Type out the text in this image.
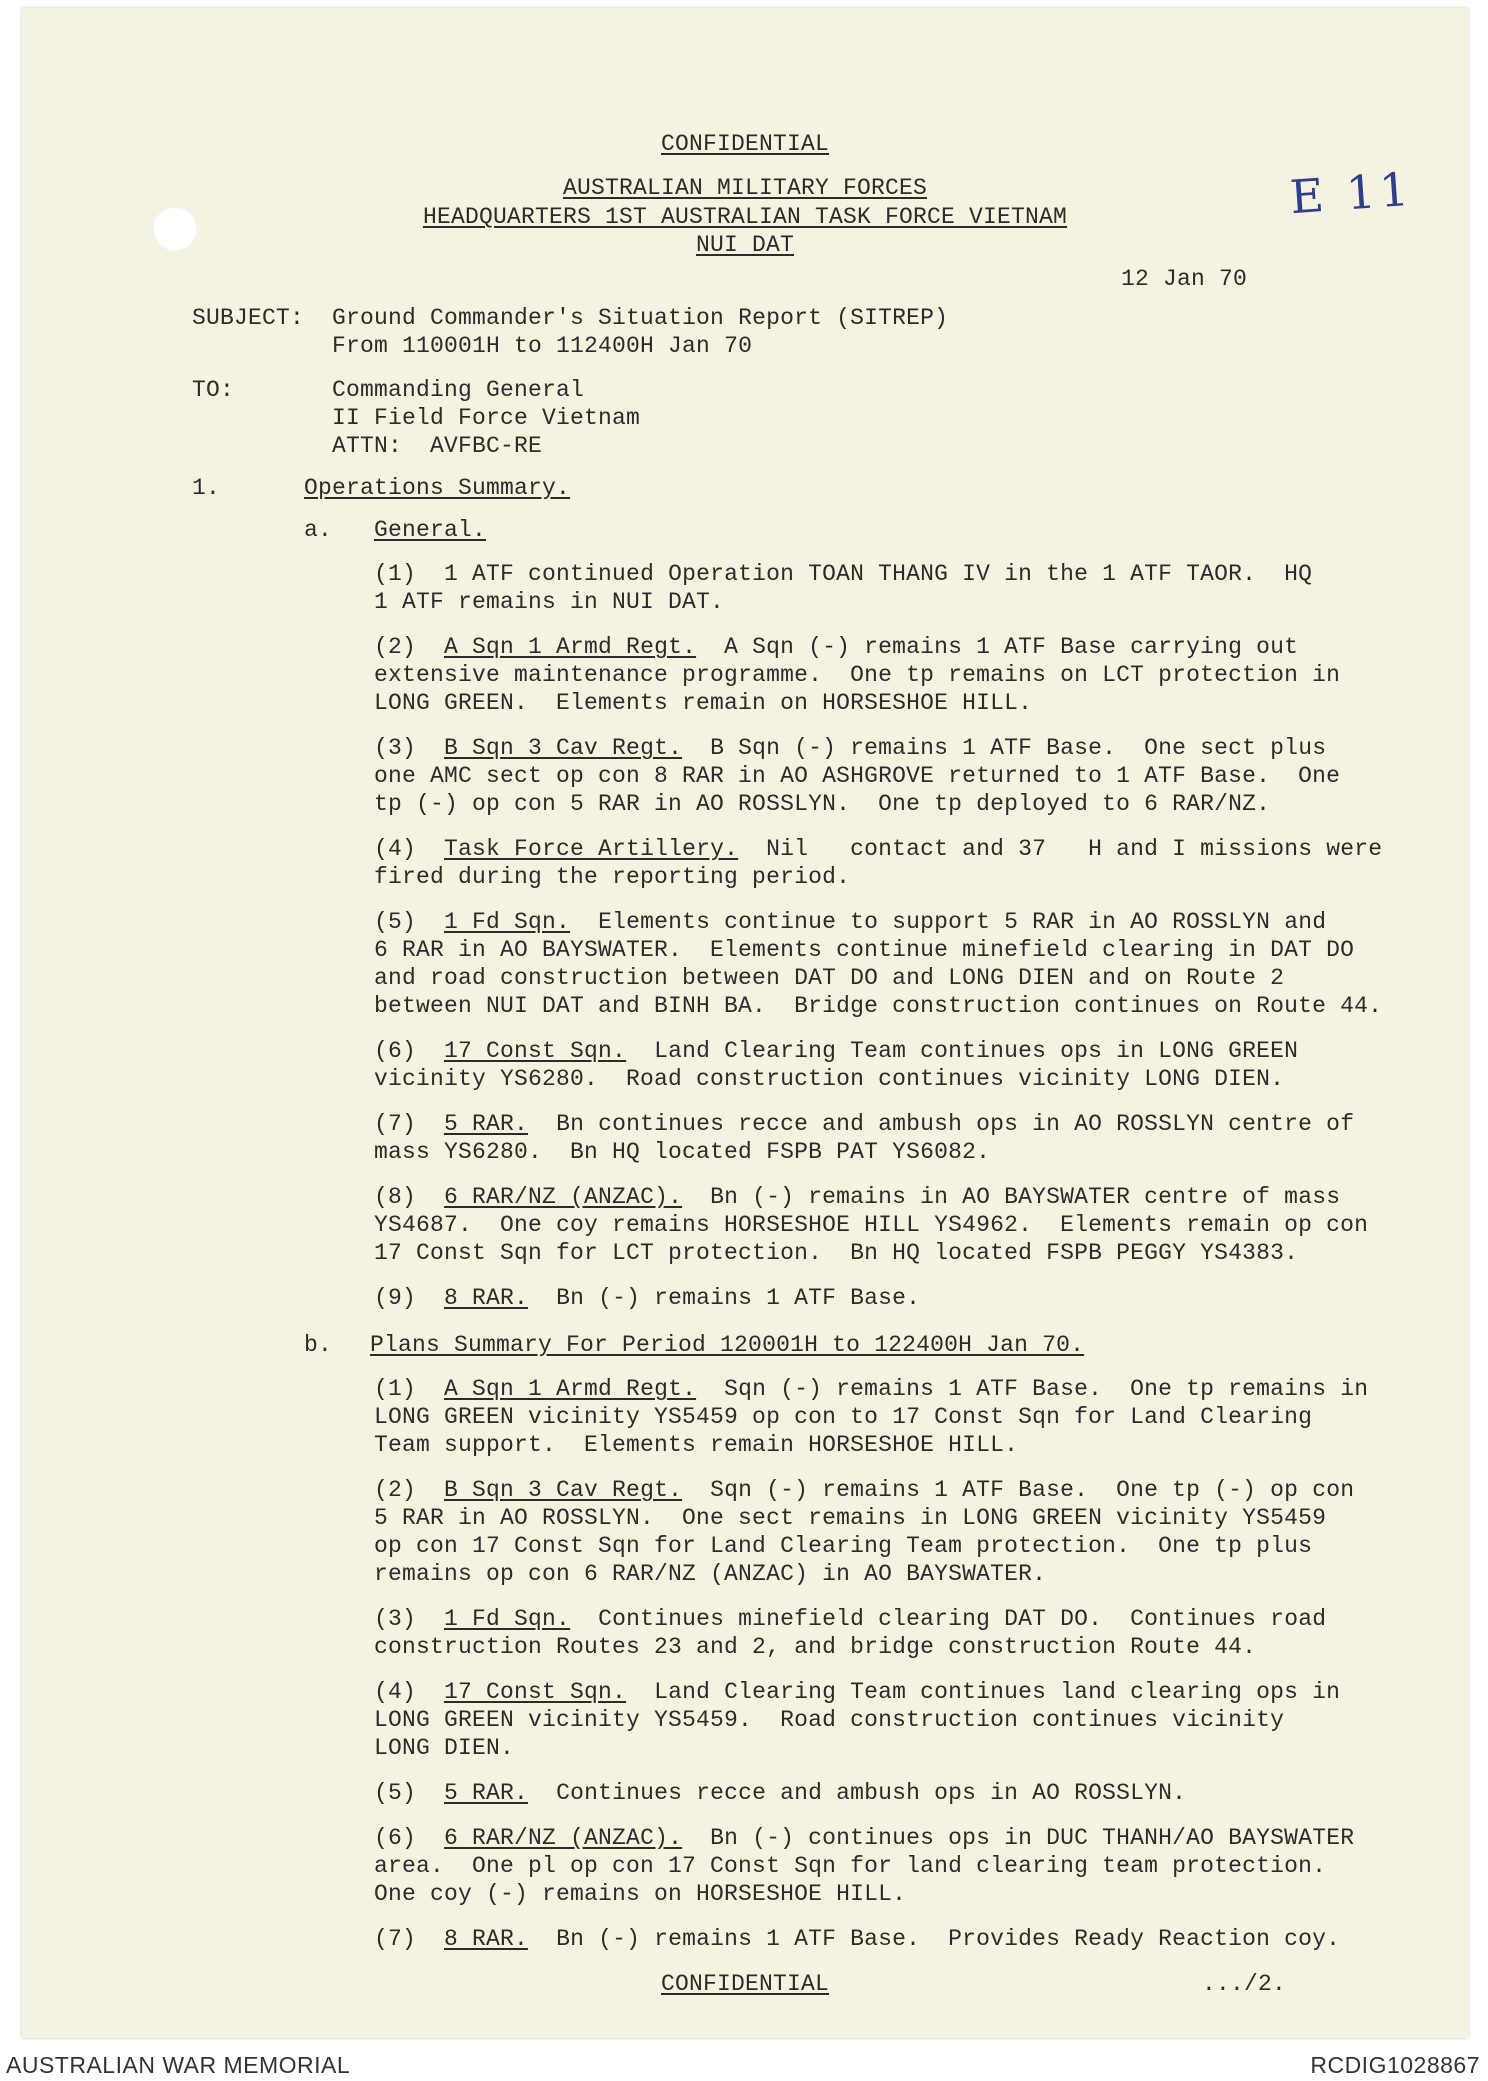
CONFIDENTIAL
AUSTRALIAN MILITARY FORCES
HEADQUARTERS 1ST AUSTRALIAN TASK FORCE VIETNAM
NUI DAT
E 11
12 Jan 70
SUBJECT: Ground Commander's Situation Report (SITREP)
From 110001H to 112400H Jan 70
TO:	Commanding General
II Field Force Vietnam
ATTN:  AVFBC-RE
1.	Operations Summary.
a. General.
(1) 1 ATF continued Operation TOAN THANG IV in the 1 ATF TAOR.  HQ
1 ATF remains in NUI DAT.
(2) A Sqn 1 Armd Regt. A Sqn (-) remains 1 ATF Base carrying out
extensive maintenance programme.  One tp remains on LCT protection in
LONG GREEN.  Elements remain on HORSESHOE HILL.
(3) B Sqn 3 Cav Regt. B Sqn (-) remains 1 ATF Base.  One sect plus
one AMC sect op con 8 RAR in AO ASHGROVE returned to 1 ATF Base.  One
tp (-) op con 5 RAR in AO ROSSLYN.  One tp deployed to 6 RAR/NZ.
(4) Task Force Artillery. Nil   contact and 37   H and I missions were
fired during the reporting period.
(5) 1 Fd Sqn. Elements continue to support 5 RAR in AO ROSSLYN and
6 RAR in AO BAYSWATER.  Elements continue minefield clearing in DAT DO
and road construction between DAT DO and LONG DIEN and on Route 2
between NUI DAT and BINH BA.  Bridge construction continues on Route 44.
(6) 17 Const Sqn. Land Clearing Team continues ops in LONG GREEN
vicinity YS6280.  Road construction continues vicinity LONG DIEN.
(7) 5 RAR. Bn continues recce and ambush ops in AO ROSSLYN centre of
mass YS6280.  Bn HQ located FSPB PAT YS6082.
(8) 6 RAR/NZ (ANZAC). Bn (-) remains in AO BAYSWATER centre of mass
YS4687.  One coy remains HORSESHOE HILL YS4962.  Elements remain op con
17 Const Sqn for LCT protection.  Bn HQ located FSPB PEGGY YS4383.
(9) 8 RAR. Bn (-) remains 1 ATF Base.
b. Plans Summary For Period 120001H to 122400H Jan 70.
(1) A Sqn 1 Armd Regt. Sqn (-) remains 1 ATF Base.  One tp remains in
LONG GREEN vicinity YS5459 op con to 17 Const Sqn for Land Clearing
Team support.  Elements remain HORSESHOE HILL.
(2) B Sqn 3 Cav Regt. Sqn (-) remains 1 ATF Base.  One tp (-) op con
5 RAR in AO ROSSLYN.  One sect remains in LONG GREEN vicinity YS5459
op con 17 Const Sqn for Land Clearing Team protection.  One tp plus
remains op con 6 RAR/NZ (ANZAC) in AO BAYSWATER.
(3) 1 Fd Sqn. Continues minefield clearing DAT DO.  Continues road
construction Routes 23 and 2, and bridge construction Route 44.
(4) 17 Const Sqn. Land Clearing Team continues land clearing ops in
LONG GREEN vicinity YS5459.  Road construction continues vicinity
LONG DIEN.
(5) 5 RAR. Continues recce and ambush ops in AO ROSSLYN.
(6) 6 RAR/NZ (ANZAC). Bn (-) continues ops in DUC THANH/AO BAYSWATER
area.  One pl op con 17 Const Sqn for land clearing team protection.
One coy (-) remains on HORSESHOE HILL.
(7) 8 RAR. Bn (-) remains 1 ATF Base.  Provides Ready Reaction coy.
CONFIDENTIAL	.../2.
AUSTRALIAN WAR MEMORIAL	RCDIG1028867
